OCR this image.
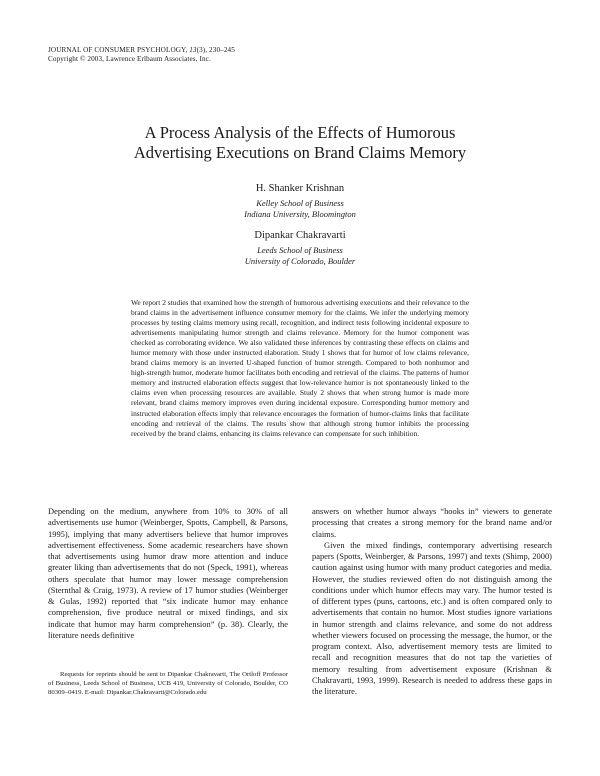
JOURNAL OF CONSUMER PSYCHOLOGY, 13(3), 230–245
Copyright © 2003, Lawrence Erlbaum Associates, Inc.
A Process Analysis of the Effects of Humorous
Advertising Executions on Brand Claims Memory
H. Shanker Krishnan
Kelley School of Business
Indiana University, Bloomington
Dipankar Chakravarti
Leeds School of Business
University of Colorado, Boulder
We report 2 studies that examined how the strength of humorous advertising executions and their relevance to the brand claims in the advertisement influence consumer memory for the claims. We infer the underlying memory processes by testing claims memory using recall, recognition, and indirect tests following incidental exposure to advertisements manipulating humor strength and claims relevance. Memory for the humor component was checked as corroborating evidence. We also validated these inferences by contrasting these effects on claims and humor memory with those under instructed elaboration. Study 1 shows that for humor of low claims relevance, brand claims memory is an inverted U-shaped function of humor strength. Compared to both nonhumor and high-strength humor, moderate humor facilitates both encoding and retrieval of the claims. The patterns of humor memory and instructed elaboration effects suggest that low-relevance humor is not spontaneously linked to the claims even when processing resources are available. Study 2 shows that when strong humor is made more relevant, brand claims memory improves even during incidental exposure. Corresponding humor memory and instructed elaboration effects imply that relevance encourages the formation of humor-claims links that facilitate encoding and retrieval of the claims. The results show that although strong humor inhibits the processing received by the brand claims, enhancing its claims relevance can compensate for such inhibition.

Depending on the medium, anywhere from 10% to 30% of all advertisements use humor (Weinberger, Spotts, Campbell, & Parsons, 1995), implying that many advertisers believe that humor improves advertisement effectiveness. Some academic researchers have shown that advertisements using humor draw more attention and induce greater liking than advertisements that do not (Speck, 1991), whereas others speculate that humor may lower message comprehension (Sternthal & Craig, 1973). A review of 17 humor studies (Weinberger & Gulas, 1992) reported that “six indicate humor may enhance comprehension, five produce neutral or mixed findings, and six indicate that humor may harm comprehension” (p. 38). Clearly, the literature needs definitive

answers on whether humor always “hooks in” viewers to generate processing that creates a strong memory for the brand name and/or claims.

Given the mixed findings, contemporary advertising research papers (Spotts, Weinberger, & Parsons, 1997) and texts (Shimp, 2000) caution against using humor with many product categories and media. However, the studies reviewed often do not distinguish among the conditions under which humor effects may vary. The humor tested is of different types (puns, cartoons, etc.) and is often compared only to advertisements that contain no humor. Most studies ignore variations in humor strength and claims relevance, and some do not address whether viewers focused on processing the message, the humor, or the program context. Also, advertisement memory tests are limited to recall and recognition measures that do not tap the varieties of memory resulting from advertisement exposure (Krishnan & Chakravarti, 1993, 1999). Research is needed to address these gaps in the literature.

Requests for reprints should be sent to Dipankar Chakravarti, The Ortloff Professor of Business, Leeds School of Business, UCB 419, University of Colorado, Boulder, CO 80309–0419. E-mail: Dipankar.Chakravarti@Colorado.edu
